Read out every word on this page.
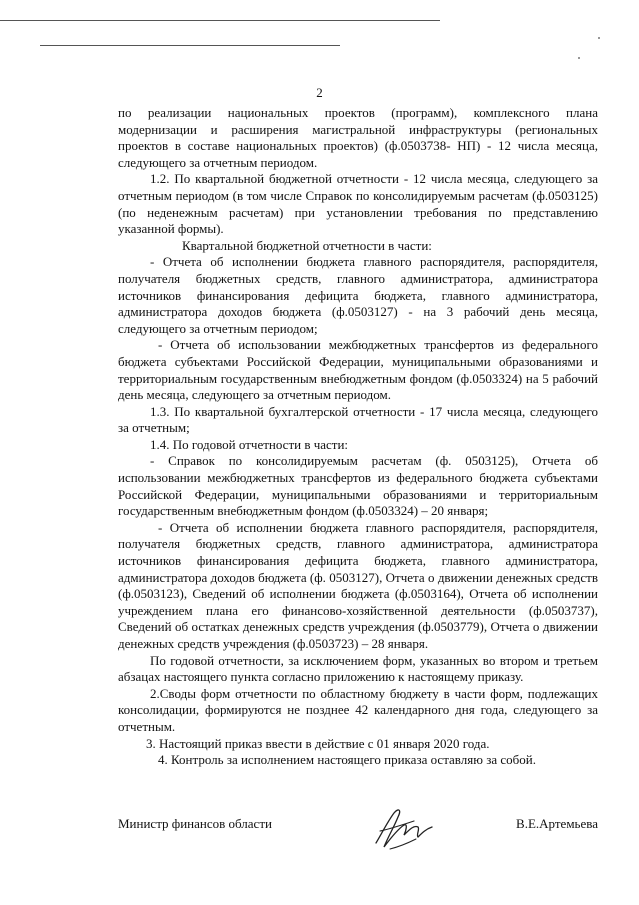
2

по реализации национальных проектов (программ), комплексного плана модернизации и расширения магистральной инфраструктуры (региональных проектов в составе национальных проектов) (ф.0503738- НП) - 12 числа месяца, следующего за отчетным периодом.

1.2. По квартальной бюджетной отчетности - 12 числа месяца, следующего за отчетным периодом (в том числе Справок по консолидируемым расчетам (ф.0503125) (по неденежным расчетам) при установлении требования по представлению указанной формы).

Квартальной бюджетной отчетности в части:

- Отчета об исполнении бюджета главного распорядителя, распорядителя, получателя бюджетных средств, главного администратора, администратора источников финансирования дефицита бюджета, главного администратора, администратора доходов бюджета (ф.0503127) - на 3 рабочий день месяца, следующего за отчетным периодом;

- Отчета об использовании межбюджетных трансфертов из федерального бюджета субъектами Российской Федерации, муниципальными образованиями и территориальным государственным внебюджетным фондом (ф.0503324) на 5 рабочий день месяца, следующего за отчетным периодом.

1.3. По квартальной бухгалтерской отчетности - 17 числа месяца, следующего за отчетным;

1.4. По годовой отчетности в части:

- Справок по консолидируемым расчетам (ф. 0503125), Отчета об использовании межбюджетных трансфертов из федерального бюджета субъектами Российской Федерации, муниципальными образованиями и территориальным государственным внебюджетным фондом (ф.0503324) – 20 января;

- Отчета об исполнении бюджета главного распорядителя, распорядителя, получателя бюджетных средств, главного администратора, администратора источников финансирования дефицита бюджета, главного администратора, администратора доходов бюджета (ф. 0503127), Отчета о движении денежных средств (ф.0503123), Сведений об исполнении бюджета (ф.0503164), Отчета об исполнении учреждением плана его финансово-хозяйственной деятельности (ф.0503737), Сведений об остатках денежных средств учреждения (ф.0503779), Отчета о движении денежных средств учреждения (ф.0503723) – 28 января.

По годовой отчетности, за исключением форм, указанных во втором и третьем абзацах настоящего пункта согласно приложению к настоящему приказу.

2.Своды форм отчетности по областному бюджету в части форм, подлежащих консолидации, формируются не позднее 42 календарного дня года, следующего за отчетным.

3. Настоящий приказ ввести в действие с 01 января 2020 года.

4. Контроль за исполнением настоящего приказа оставляю за собой.

Министр финансов области	В.Е.Артемьева
